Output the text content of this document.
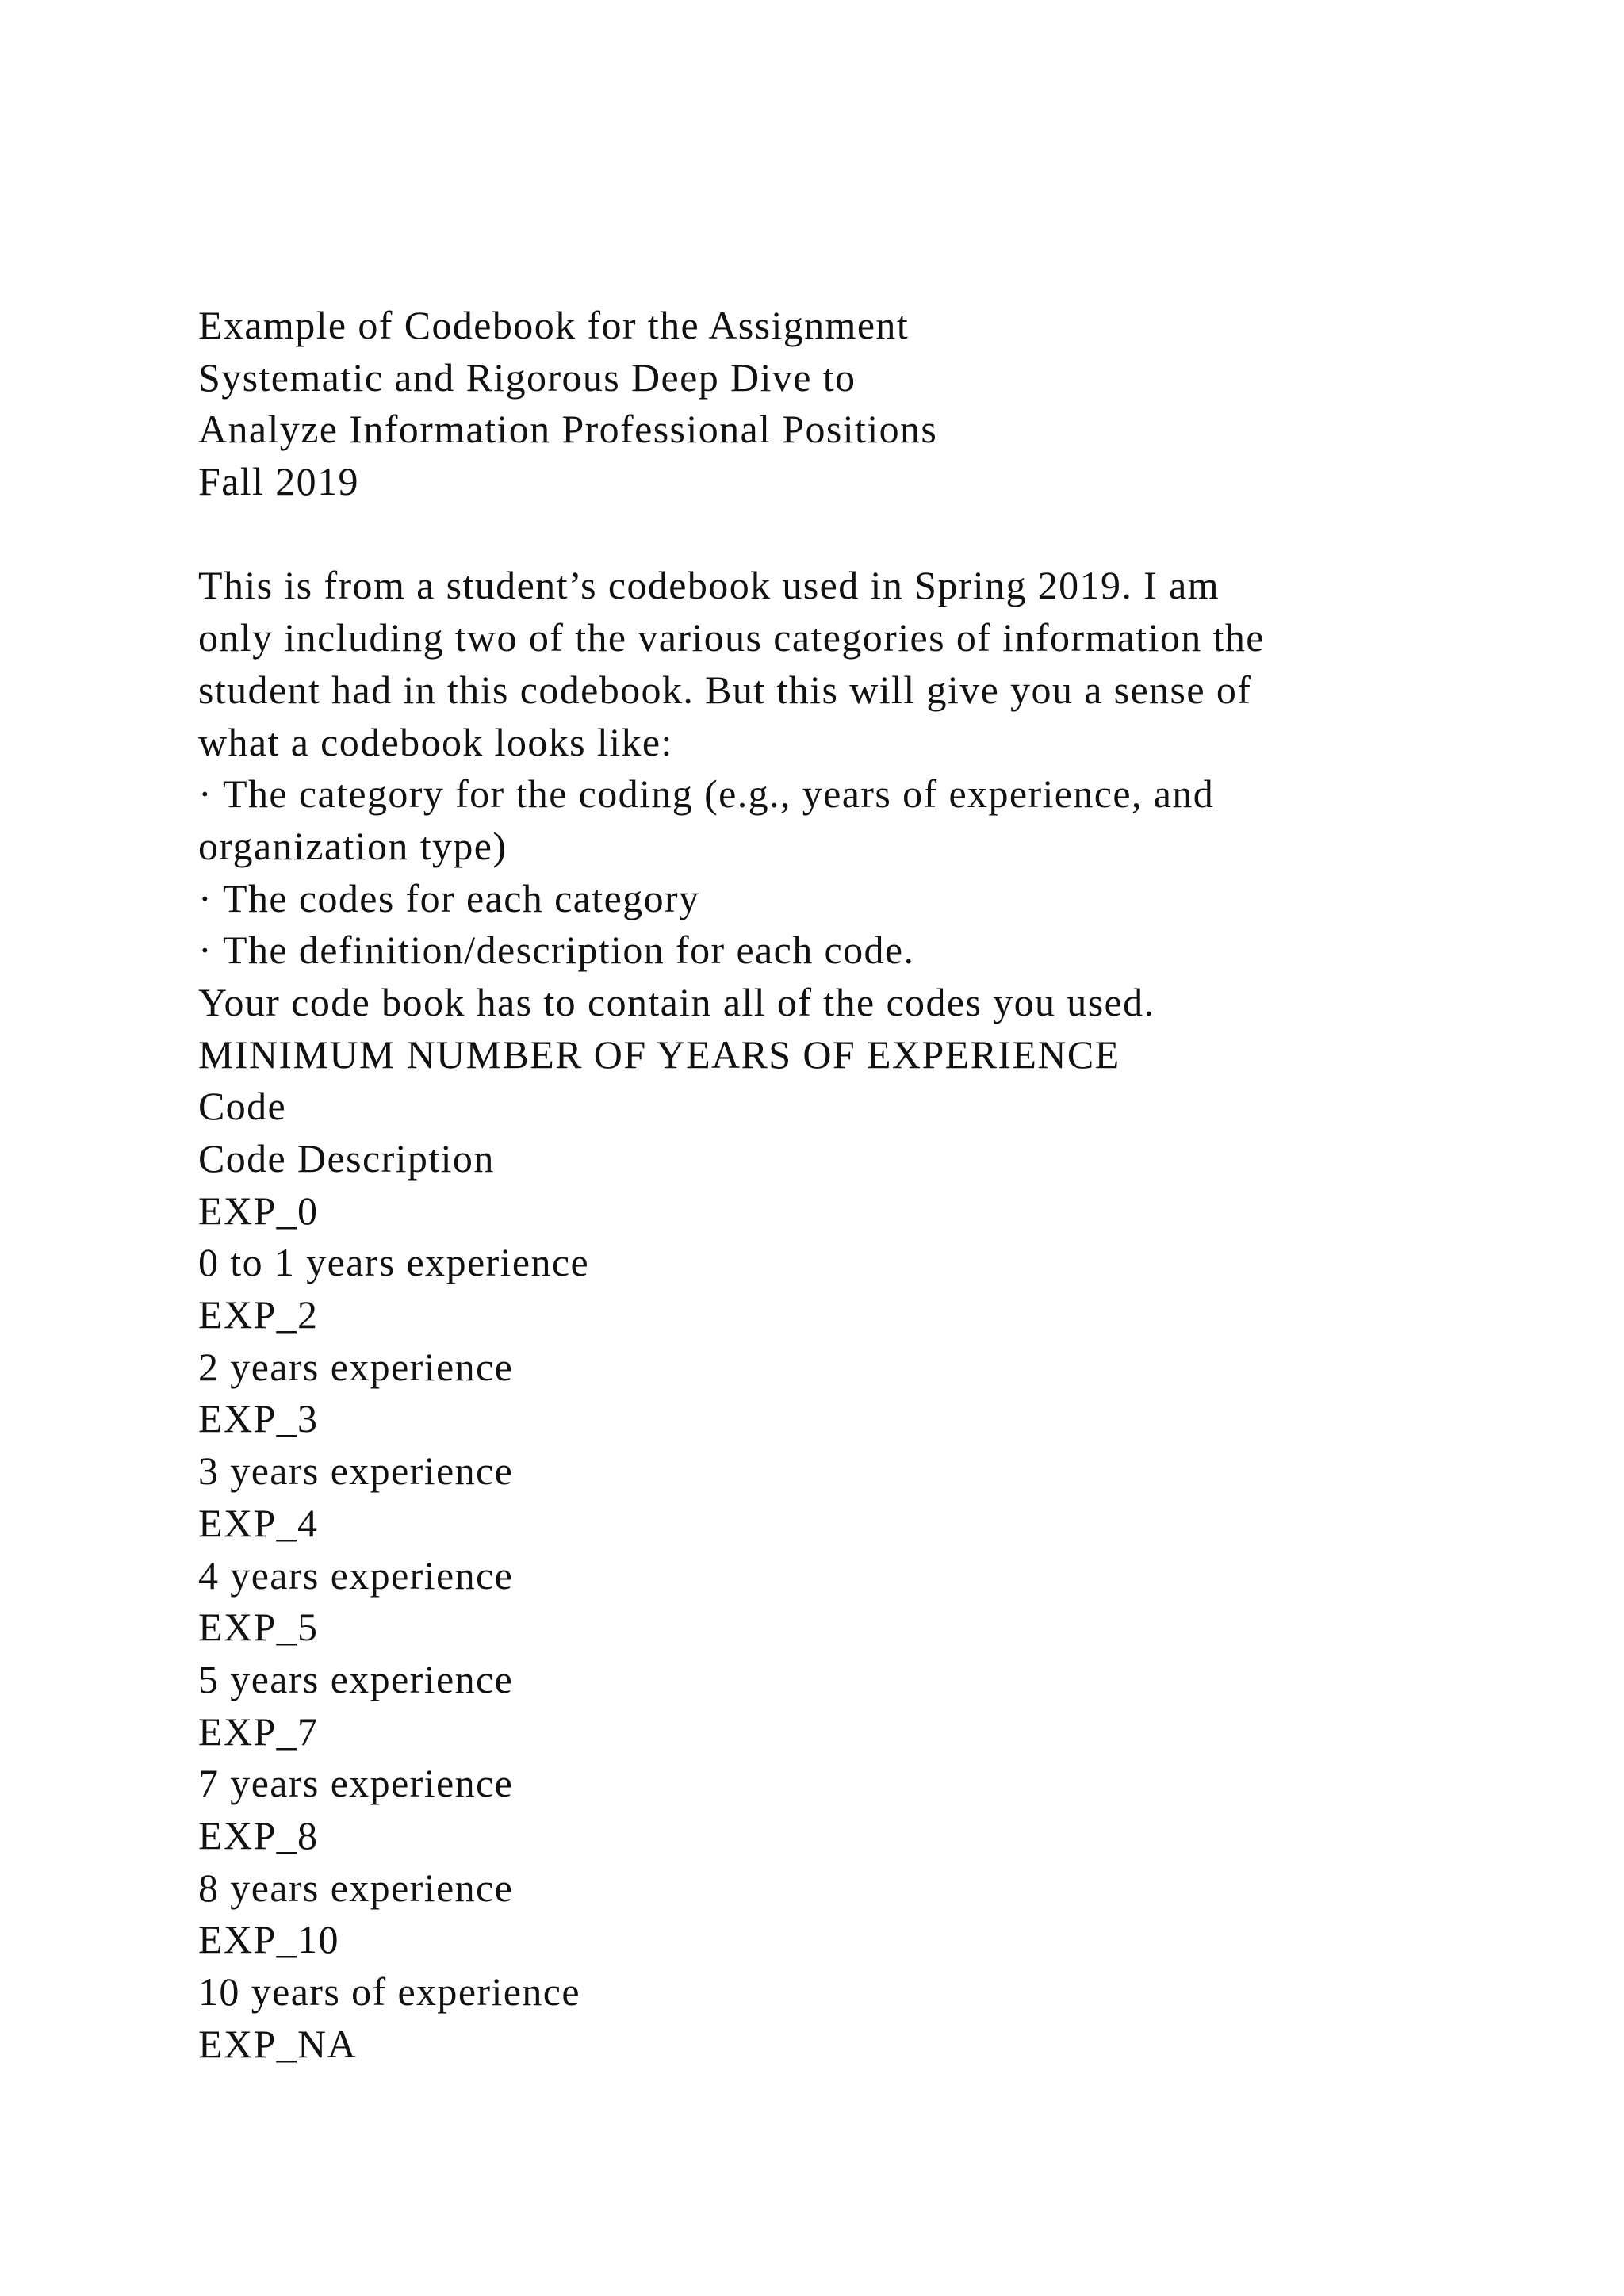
Example of Codebook for the Assignment
Systematic and Rigorous Deep Dive to
Analyze Information Professional Positions
Fall 2019
This is from a student’s codebook used in Spring 2019. I am
only including two of the various categories of information the
student had in this codebook. But this will give you a sense of
what a codebook looks like:
· The category for the coding (e.g., years of experience, and
organization type)
· The codes for each category
· The definition/description for each code.
Your code book has to contain all of the codes you used.
MINIMUM NUMBER OF YEARS OF EXPERIENCE
Code
Code Description
EXP_0
0 to 1 years experience
EXP_2
2 years experience
EXP_3
3 years experience
EXP_4
4 years experience
EXP_5
5 years experience
EXP_7
7 years experience
EXP_8
8 years experience
EXP_10
10 years of experience
EXP_NA
